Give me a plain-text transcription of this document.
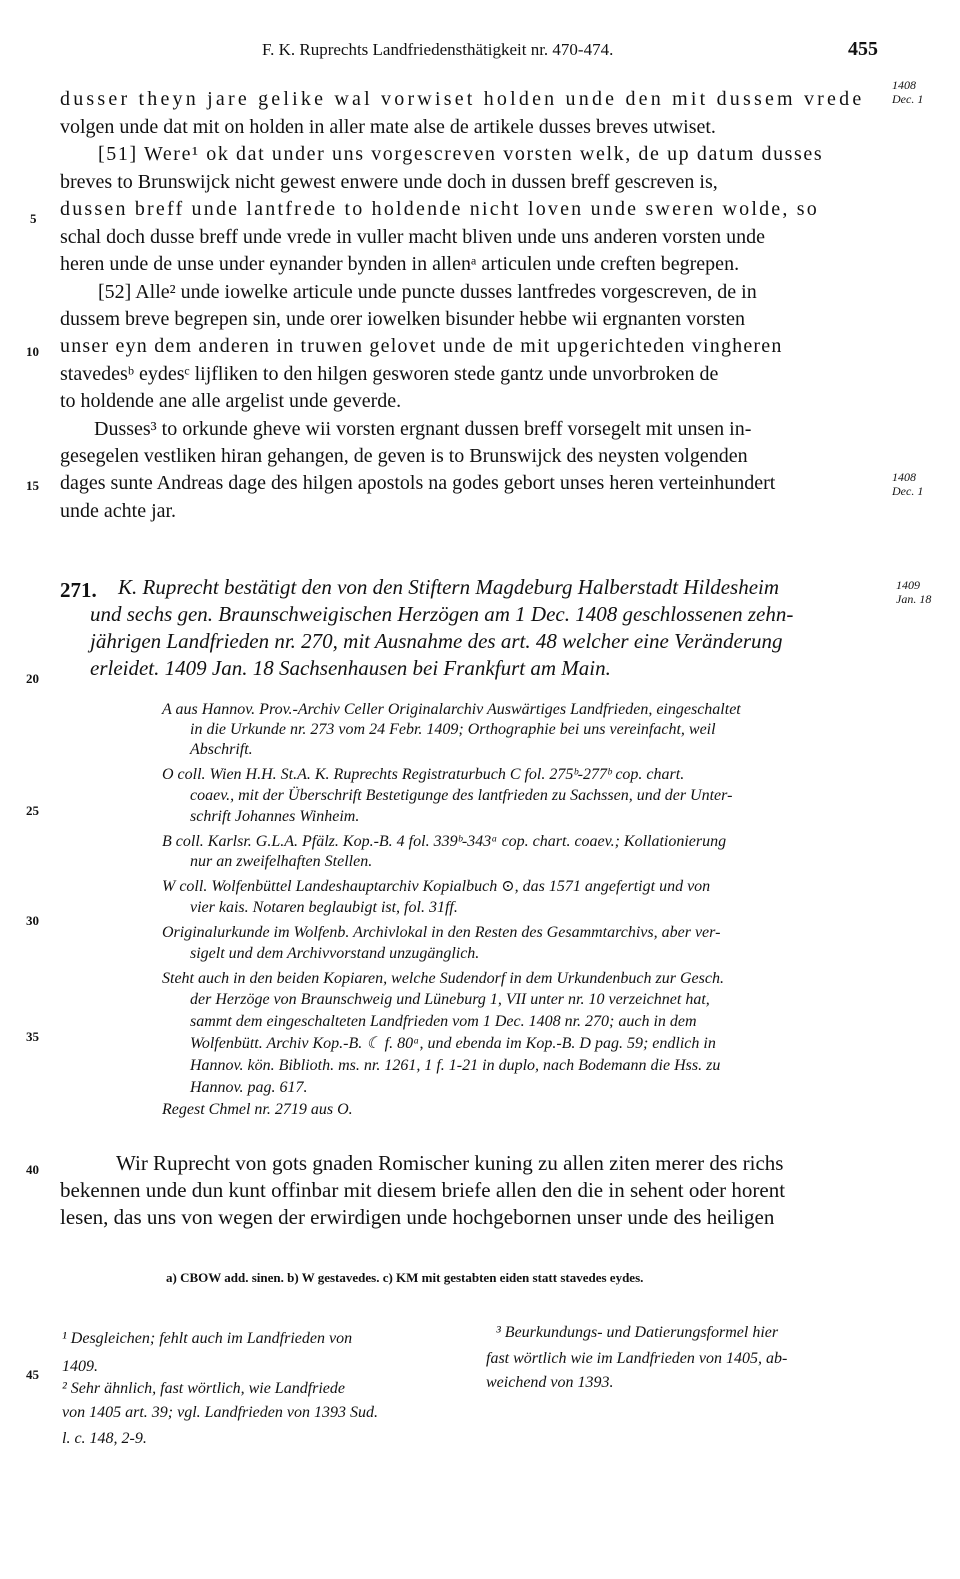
F. K. Ruprechts Landfriedensthätigkeit nr. 470-474.	455
1408
Dec. 1
1408
Dec. 1
1409
Jan. 18
5
10
15
20
25
30
35
40
45
dusser theyn jare gelike wal vorwiset holden unde den mit dussem vrede
volgen unde dat mit on holden in aller mate alse de artikele dusses breves utwiset.
[51] Were¹ ok dat under uns vorgescreven vorsten welk, de up datum dusses
breves to Brunswijck nicht gewest enwere unde doch in dussen breff gescreven is,
dussen breff unde lantfrede to holdende nicht loven unde sweren wolde, so
schal doch dusse breff unde vrede in vuller macht bliven unde uns anderen vorsten unde
heren unde de unse under eynander bynden in allenᵃ articulen unde creften begrepen.
[52] Alle² unde iowelke articule unde puncte dusses lantfredes vorgescreven, de in
dussem breve begrepen sin, unde orer iowelken bisunder hebbe wii ergnanten vorsten
unser eyn dem anderen in truwen gelovet unde de mit upgerichteden vingheren
stavedesᵇ eydesᶜ lijfliken to den hilgen gesworen stede gantz unde unvorbroken de
to holdende ane alle argelist unde geverde.
Dusses³ to orkunde gheve wii vorsten ergnant dussen breff vorsegelt mit unsen in-
gesegelen vestliken hiran gehangen, de geven is to Brunswijck des neysten volgenden
dages sunte Andreas dage des hilgen apostols na godes gebort unses heren verteinhundert
unde achte jar.
271. K. Ruprecht bestätigt den von den Stiftern Magdeburg Halberstadt Hildesheim
und sechs gen. Braunschweigischen Herzögen am 1 Dec. 1408 geschlossenen zehn-
jährigen Landfrieden nr. 270, mit Ausnahme des art. 48 welcher eine Veränderung
erleidet. 1409 Jan. 18 Sachsenhausen bei Frankfurt am Main.
A aus Hannov. Prov.-Archiv Celler Originalarchiv Auswärtiges Landfrieden, eingeschaltet
in die Urkunde nr. 273 vom 24 Febr. 1409; Orthographie bei uns vereinfacht, weil
Abschrift.
O coll. Wien H.H. St.A. K. Ruprechts Registraturbuch C fol. 275ᵇ-277ᵇ cop. chart.
coaev., mit der Überschrift Bestetigunge des lantfrieden zu Sachssen, und der Unter-
schrift Johannes Winheim.
B coll. Karlsr. G.L.A. Pfälz. Kop.-B. 4 fol. 339ᵇ-343ᵃ cop. chart. coaev.; Kollationierung
nur an zweifelhaften Stellen.
W coll. Wolfenbüttel Landeshauptarchiv Kopialbuch ⊙, das 1571 angefertigt und von
vier kais. Notaren beglaubigt ist, fol. 31ff.
Originalurkunde im Wolfenb. Archivlokal in den Resten des Gesammtarchivs, aber ver-
sigelt und dem Archivvorstand unzugänglich.
Steht auch in den beiden Kopiaren, welche Sudendorf in dem Urkundenbuch zur Gesch.
der Herzöge von Braunschweig und Lüneburg 1, VII unter nr. 10 verzeichnet hat,
sammt dem eingeschalteten Landfrieden vom 1 Dec. 1408 nr. 270; auch in dem
Wolfenbütt. Archiv Kop.-B. ☾ f. 80ᵃ, und ebenda im Kop.-B. D pag. 59; endlich in
Hannov. kön. Biblioth. ms. nr. 1261, 1 f. 1-21 in duplo, nach Bodemann die Hss. zu
Hannov. pag. 617.
Regest Chmel nr. 2719 aus O.
Wir Ruprecht von gots gnaden Romischer kuning zu allen ziten merer des richs
bekennen unde dun kunt offinbar mit diesem briefe allen den die in sehent oder horent
lesen, das uns von wegen der erwirdigen unde hochgebornen unser unde des heiligen
a) CBOW add. sinen. b) W gestavedes. c) KM mit gestabten eiden statt stavedes eydes.
¹ Desgleichen; fehlt auch im Landfrieden von
1409.
² Sehr ähnlich, fast wörtlich, wie Landfriede
von 1405 art. 39; vgl. Landfrieden von 1393 Sud.
l. c. 148, 2-9.
³ Beurkundungs- und Datierungsformel hier
fast wörtlich wie im Landfrieden von 1405, ab-
weichend von 1393.
